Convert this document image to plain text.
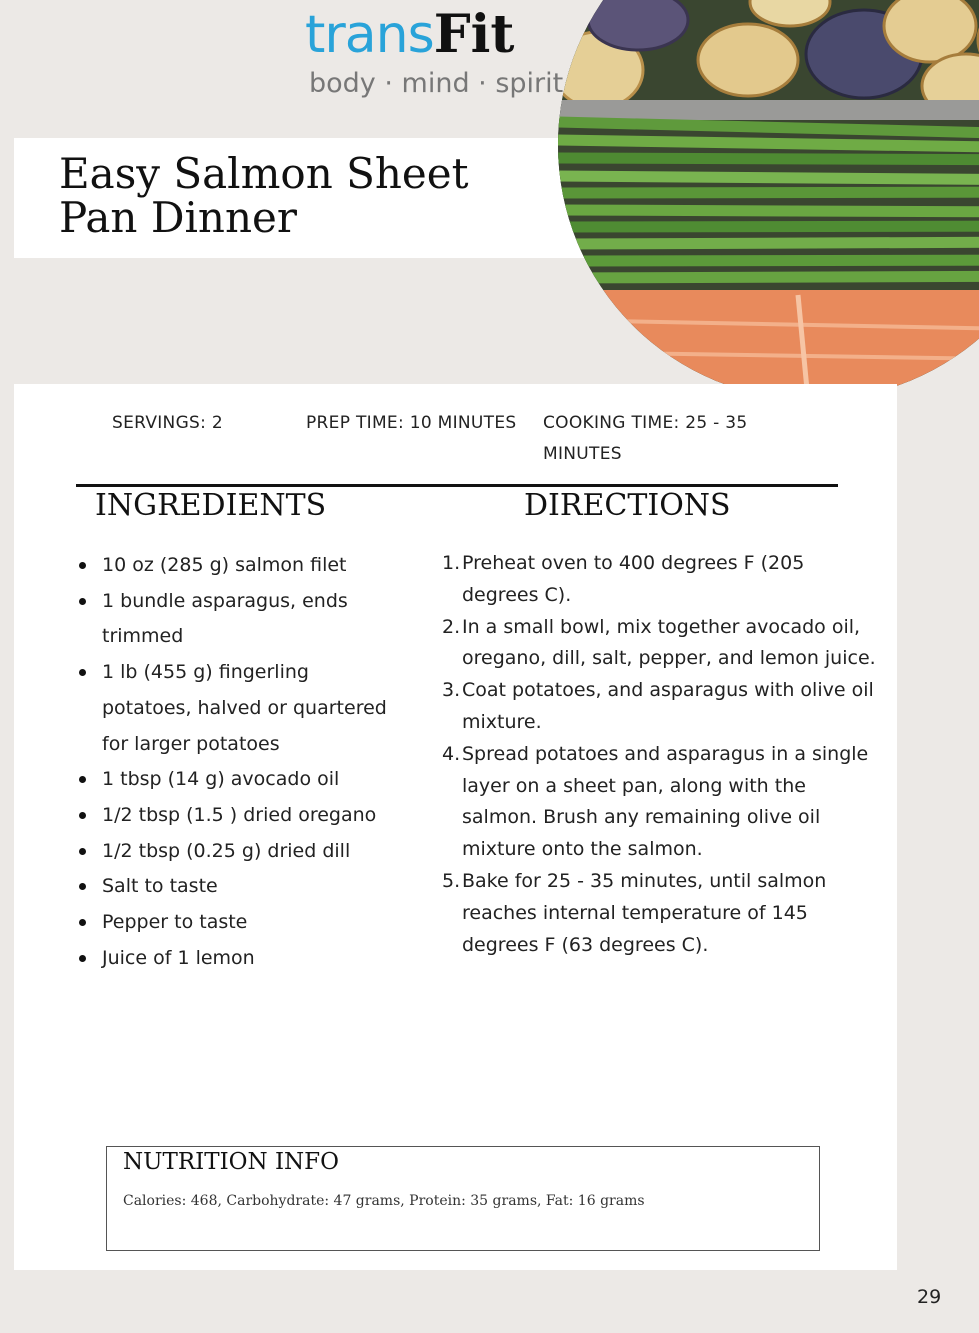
transFit
body · mind · spirit
Easy Salmon Sheet Pan Dinner
SERVINGS: 2	PREP TIME: 10 MINUTES COOKING TIME: 25 - 35 MINUTES
INGREDIENTS	DIRECTIONS
10 oz (285 g) salmon filet
1 bundle asparagus, ends trimmed
1 lb (455 g) fingerling potatoes, halved or quartered for larger potatoes
1 tbsp (14 g) avocado oil
1/2 tbsp (1.5 ) dried oregano
1/2 tbsp (0.25 g) dried dill
Salt to taste
Pepper to taste
Juice of 1 lemon
1. Preheat oven to 400 degrees F (205 degrees C).
2. In a small bowl, mix together avocado oil, oregano, dill, salt, pepper, and lemon juice.
3. Coat potatoes, and asparagus with olive oil mixture.
4. Spread potatoes and asparagus in a single layer on a sheet pan, along with the salmon. Brush any remaining olive oil mixture onto the salmon.
5. Bake for 25 - 35 minutes, until salmon reaches internal temperature of 145 degrees F (63 degrees C).
NUTRITION INFO

Calories: 468, Carbohydrate: 47 grams, Protein: 35 grams, Fat: 16 grams

29
